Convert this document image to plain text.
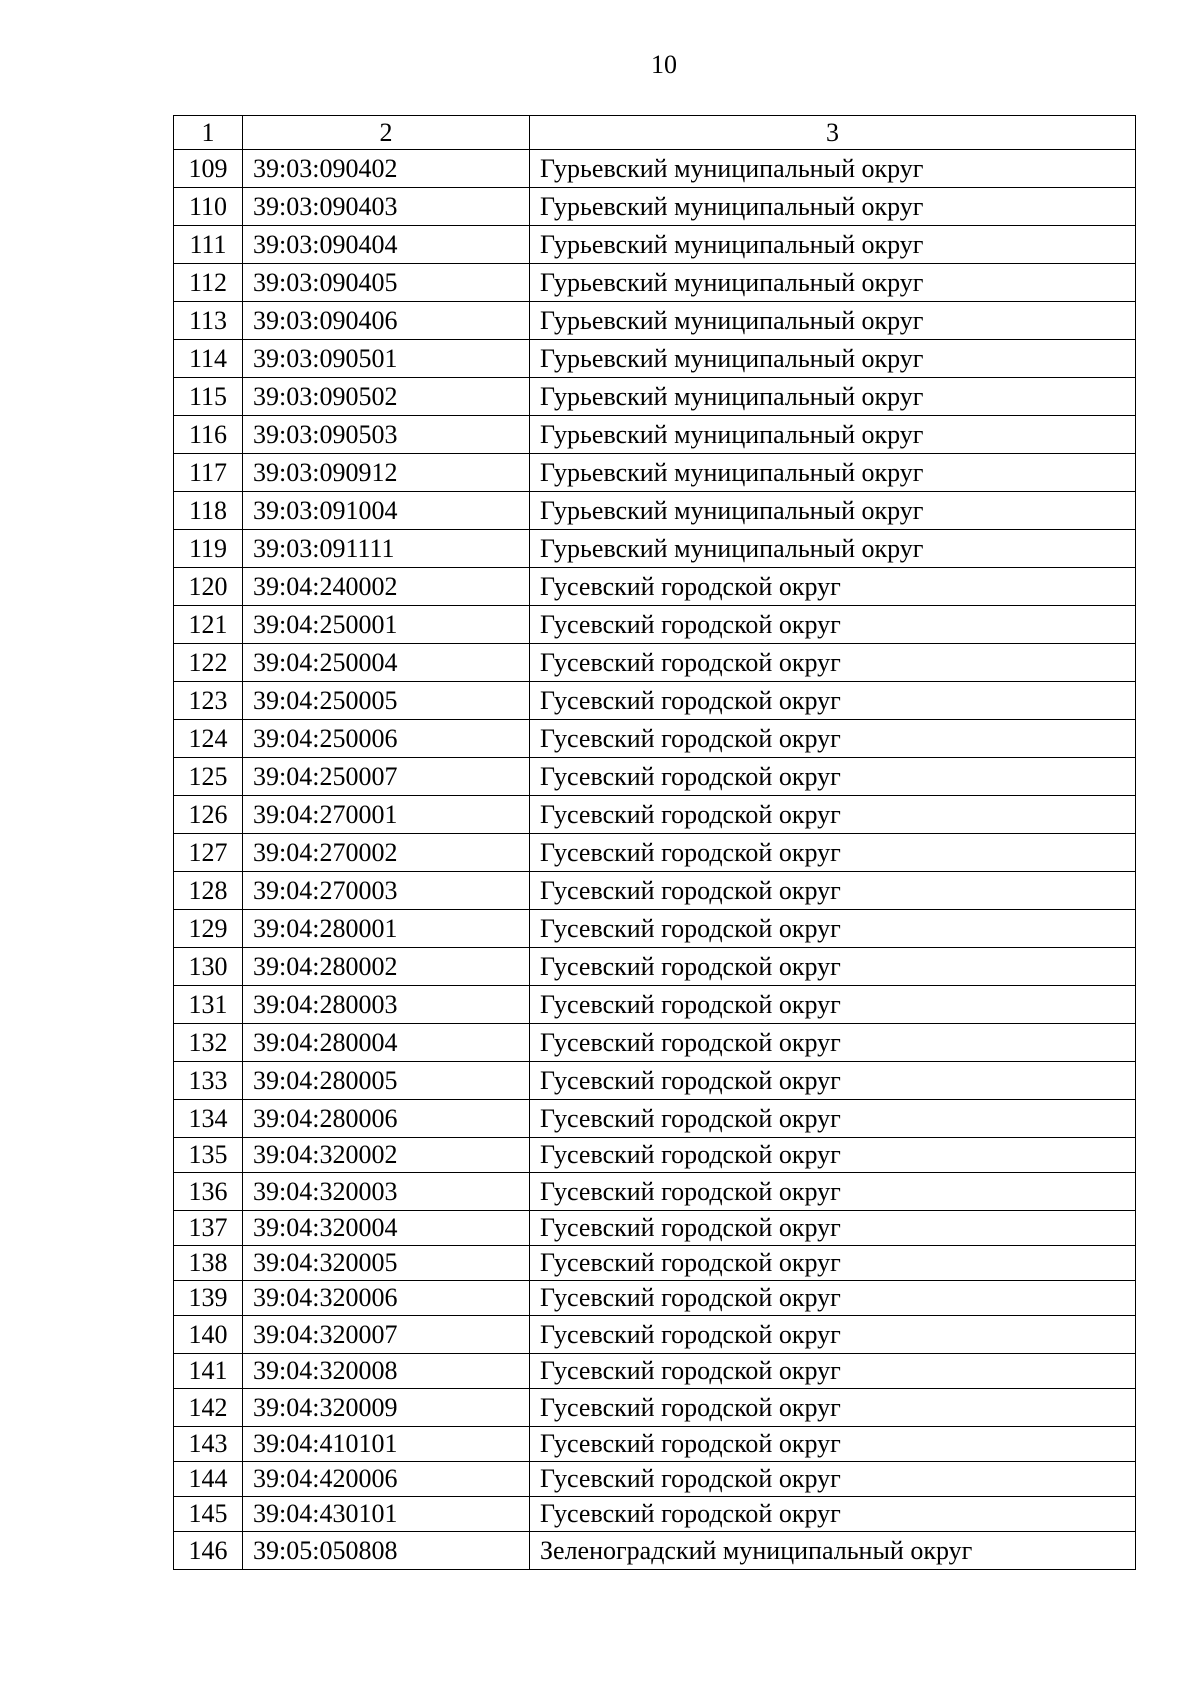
10
1	2	3
109	39:03:090402	Гурьевский муниципальный округ
110	39:03:090403	Гурьевский муниципальный округ
111	39:03:090404	Гурьевский муниципальный округ
112	39:03:090405	Гурьевский муниципальный округ
113	39:03:090406	Гурьевский муниципальный округ
114	39:03:090501	Гурьевский муниципальный округ
115	39:03:090502	Гурьевский муниципальный округ
116	39:03:090503	Гурьевский муниципальный округ
117	39:03:090912	Гурьевский муниципальный округ
118	39:03:091004	Гурьевский муниципальный округ
119	39:03:091111	Гурьевский муниципальный округ
120	39:04:240002	Гусевский городской округ
121	39:04:250001	Гусевский городской округ
122	39:04:250004	Гусевский городской округ
123	39:04:250005	Гусевский городской округ
124	39:04:250006	Гусевский городской округ
125	39:04:250007	Гусевский городской округ
126	39:04:270001	Гусевский городской округ
127	39:04:270002	Гусевский городской округ
128	39:04:270003	Гусевский городской округ
129	39:04:280001	Гусевский городской округ
130	39:04:280002	Гусевский городской округ
131	39:04:280003	Гусевский городской округ
132	39:04:280004	Гусевский городской округ
133	39:04:280005	Гусевский городской округ
134	39:04:280006	Гусевский городской округ
135	39:04:320002	Гусевский городской округ
136	39:04:320003	Гусевский городской округ
137	39:04:320004	Гусевский городской округ
138	39:04:320005	Гусевский городской округ
139	39:04:320006	Гусевский городской округ
140	39:04:320007	Гусевский городской округ
141	39:04:320008	Гусевский городской округ
142	39:04:320009	Гусевский городской округ
143	39:04:410101	Гусевский городской округ
144	39:04:420006	Гусевский городской округ
145	39:04:430101	Гусевский городской округ
146	39:05:050808	Зеленоградский муниципальный округ
